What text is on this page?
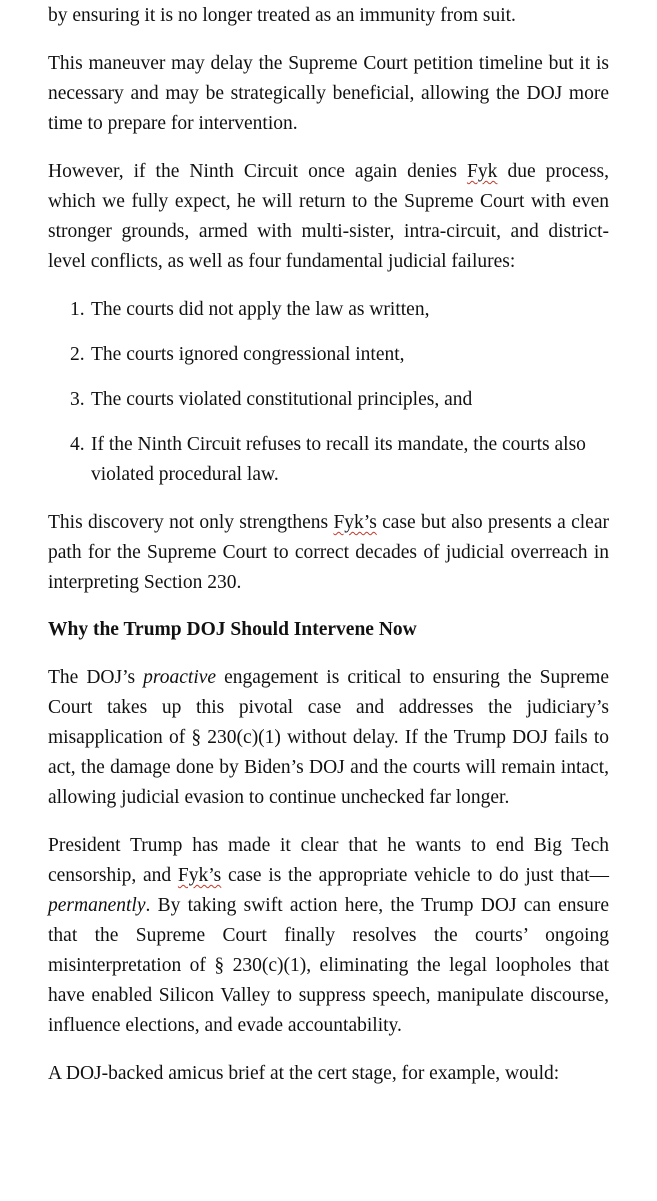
by ensuring it is no longer treated as an immunity from suit.

This maneuver may delay the Supreme Court petition timeline but it is necessary and may be strategically beneficial, allowing the DOJ more time to prepare for intervention.

However, if the Ninth Circuit once again denies Fyk due process, which we fully expect, he will return to the Supreme Court with even stronger grounds, armed with multi-sister, intra-circuit, and district-level conflicts, as well as four fundamental judicial failures:

1. The courts did not apply the law as written,
2. The courts ignored congressional intent,
3. The courts violated constitutional principles, and
4. If the Ninth Circuit refuses to recall its mandate, the courts also violated procedural law.

This discovery not only strengthens Fyk’s case but also presents a clear path for the Supreme Court to correct decades of judicial overreach in interpreting Section 230.

Why the Trump DOJ Should Intervene Now

The DOJ’s proactive engagement is critical to ensuring the Supreme Court takes up this pivotal case and addresses the judiciary’s misapplication of § 230(c)(1) without delay. If the Trump DOJ fails to act, the damage done by Biden’s DOJ and the courts will remain intact, allowing judicial evasion to continue unchecked far longer.

President Trump has made it clear that he wants to end Big Tech censorship, and Fyk’s case is the appropriate vehicle to do just that—permanently. By taking swift action here, the Trump DOJ can ensure that the Supreme Court finally resolves the courts’ ongoing misinterpretation of § 230(c)(1), eliminating the legal loopholes that have enabled Silicon Valley to suppress speech, manipulate discourse, influence elections, and evade accountability.

A DOJ-backed amicus brief at the cert stage, for example, would:
